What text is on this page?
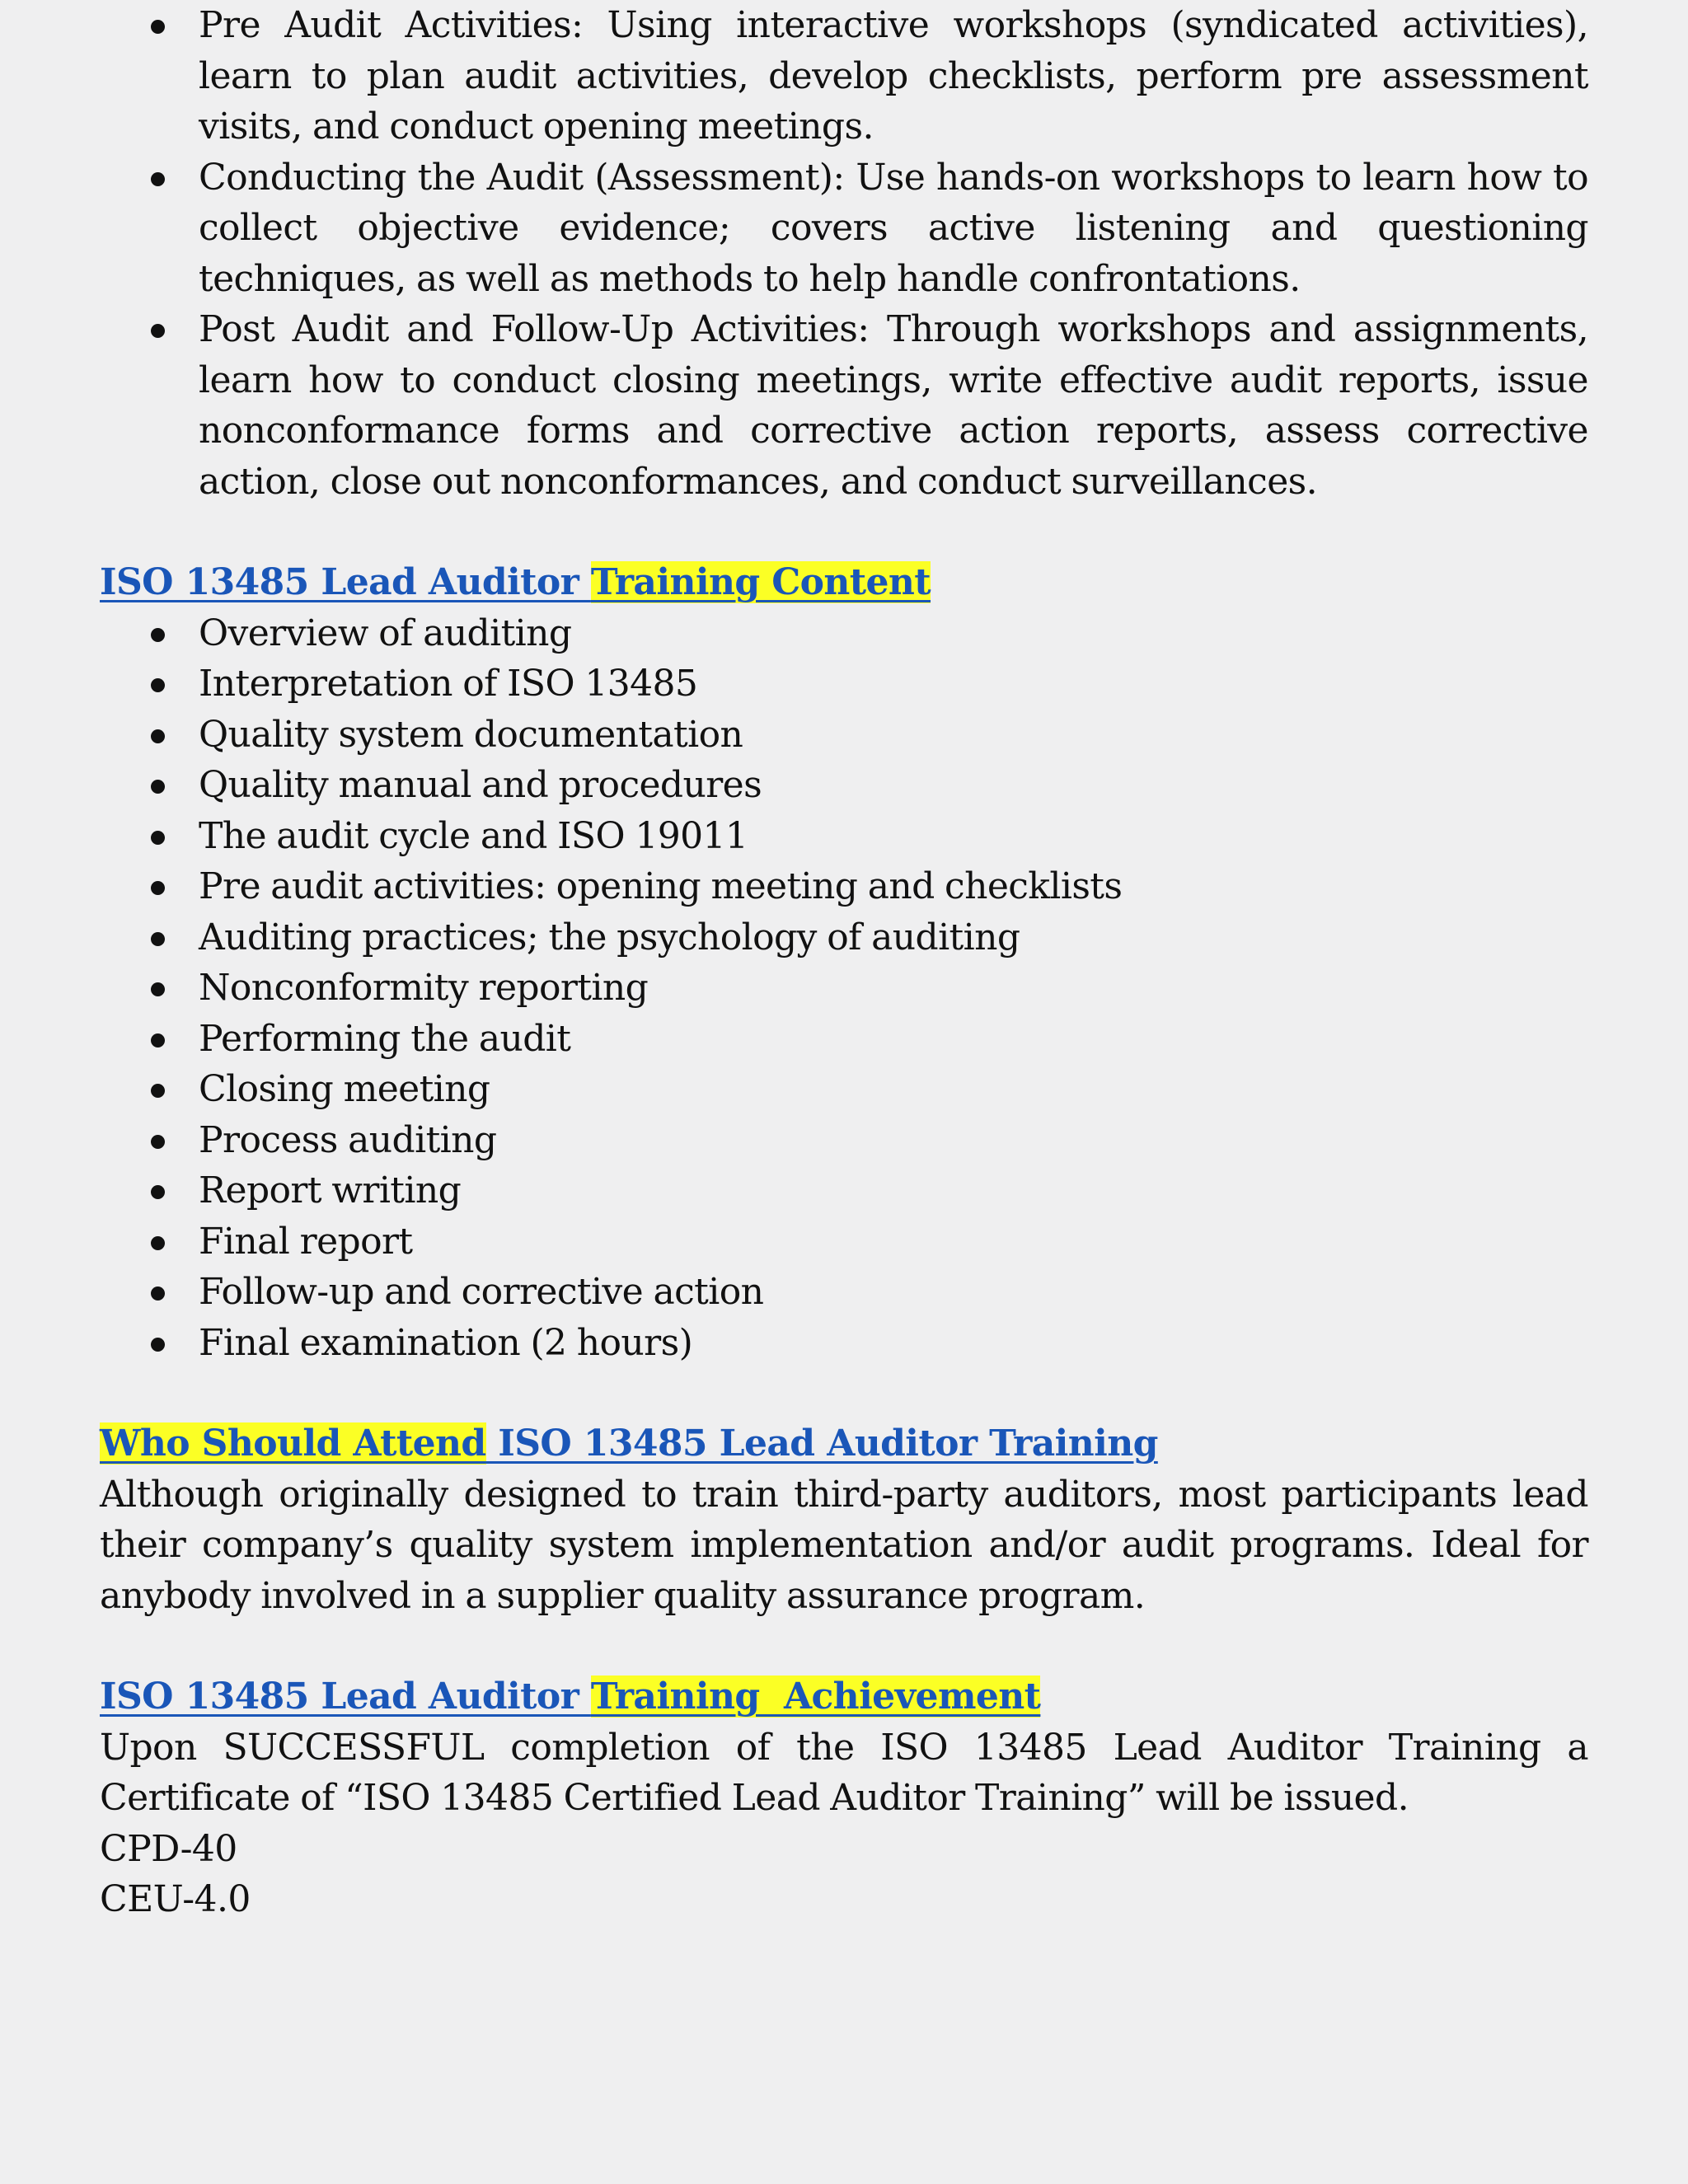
Pre Audit Activities: Using interactive workshops (syndicated activities), learn to plan audit activities, develop checklists, perform pre assessment visits, and conduct opening meetings.
Conducting the Audit (Assessment): Use hands-on workshops to learn how to collect objective evidence; covers active listening and questioning techniques, as well as methods to help handle confrontations.
Post Audit and Follow-Up Activities: Through workshops and assignments, learn how to conduct closing meetings, write effective audit reports, issue nonconformance forms and corrective action reports, assess corrective action, close out nonconformances, and conduct surveillances.
ISO 13485 Lead Auditor Training Content
Overview of auditing
Interpretation of ISO 13485
Quality system documentation
Quality manual and procedures
The audit cycle and ISO 19011
Pre audit activities: opening meeting and checklists
Auditing practices; the psychology of auditing
Nonconformity reporting
Performing the audit
Closing meeting
Process auditing
Report writing
Final report
Follow-up and corrective action
Final examination (2 hours)
Who Should Attend ISO 13485 Lead Auditor Training

Although originally designed to train third-party auditors, most participants lead their company’s quality system implementation and/or audit programs. Ideal for anybody involved in a supplier quality assurance program.

ISO 13485 Lead Auditor Training  Achievement

Upon SUCCESSFUL completion of the ISO 13485 Lead Auditor Training a Certificate of “ISO 13485 Certified Lead Auditor Training” will be issued.

CPD-40

CEU-4.0
